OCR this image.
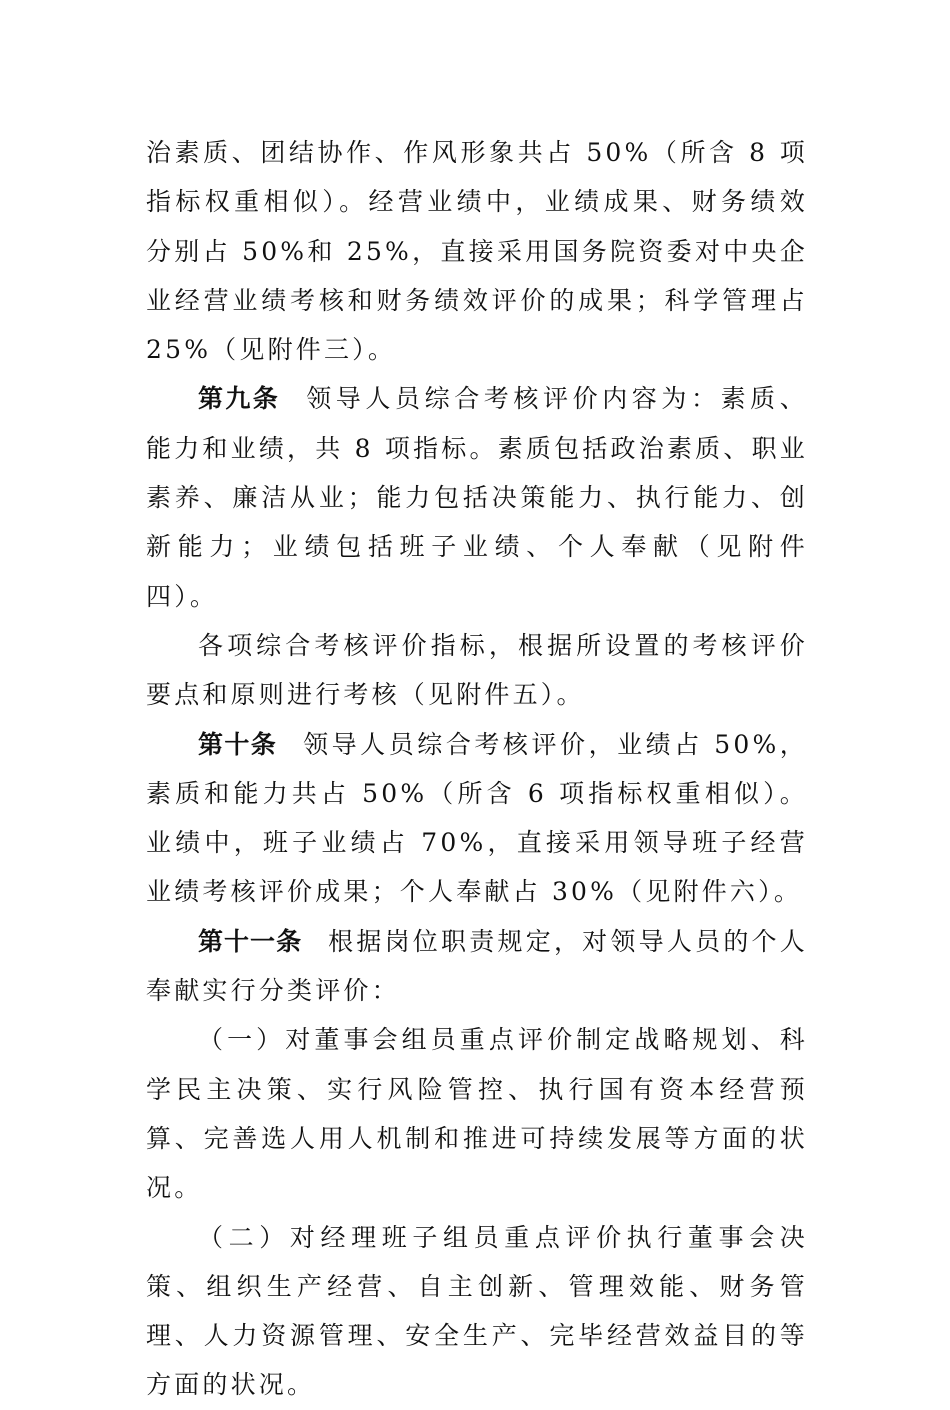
治素质、团结协作、作风形象共占 50%（所含 8 项指标权重相似）。经营业绩中，业绩成果、财务绩效分别占 50%和 25%，直接采用国务院资委对中央企业经营业绩考核和财务绩效评价的成果；科学管理占 25%（见附件三）。

第九条 领导人员综合考核评价内容为：素质、能力和业绩，共 8 项指标。素质包括政治素质、职业素养、廉洁从业；能力包括决策能力、执行能力、创新能力；业绩包括班子业绩、个人奉献（见附件四）。

各项综合考核评价指标，根据所设置的考核评价要点和原则进行考核（见附件五）。

第十条 领导人员综合考核评价，业绩占 50%，素质和能力共占 50%（所含 6 项指标权重相似）。业绩中，班子业绩占 70%，直接采用领导班子经营业绩考核评价成果；个人奉献占 30%（见附件六）。

第十一条 根据岗位职责规定，对领导人员的个人奉献实行分类评价：

（一）对董事会组员重点评价制定战略规划、科学民主决策、实行风险管控、执行国有资本经营预算、完善选人用人机制和推进可持续发展等方面的状况。

（二）对经理班子组员重点评价执行董事会决策、组织生产经营、自主创新、管理效能、财务管理、人力资源管理、安全生产、完毕经营效益目的等方面的状况。
